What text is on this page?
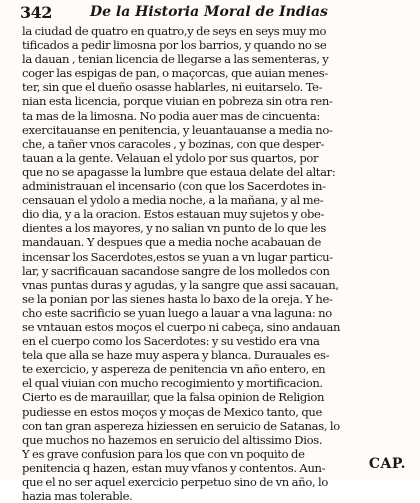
342	De la Historia Moral de Indias
la ciudad de quatro en quatro,y de seys en seys muy mo
tificados a pedir limosna por los barrios, y quando no se
la dauan , tenian licencia de llegarse a las sementeras, y
coger las espigas de pan, o maçorcas, que auian menes-
ter, sin que el dueño osasse hablarles, ni euitarselo. Te-
nian esta licencia, porque viuian en pobreza sin otra ren-
ta mas de la limosna. No podia auer mas de cincuenta:
exercitauanse en penitencia, y leuantauanse a media no-
che, a tañer vnos caracoles , y bozinas, con que desper-
tauan a la gente. Velauan el ydolo por sus quartos, por
que no se apagasse la lumbre que estaua delate del altar:
administrauan el incensario (con que los Sacerdotes in-
censauan el ydolo a media noche, a la mañana, y al me-
dio dia, y a la oracion. Estos estauan muy sujetos y obe-
dientes a los mayores, y no salian vn punto de lo que les
mandauan. Y despues que a media noche acabauan de
incensar los Sacerdotes,estos se yuan a vn lugar particu-
lar, y sacrificauan sacandose sangre de los molledos con
vnas puntas duras y agudas, y la sangre que assi sacauan,
se la ponian por las sienes hasta lo baxo de la oreja. Y he-
cho este sacrificio se yuan luego a lauar a vna laguna: no
se vntauan estos moços el cuerpo ni cabeça, sino andauan
en el cuerpo como los Sacerdotes: y su vestido era vna
tela que alla se haze muy aspera y blanca. Durauales es-
te exercicio, y aspereza de penitencia vn año entero, en
el qual viuian con mucho recogimiento y mortificacion.
Cierto es de marauillar, que la falsa opinion de Religion
pudiesse en estos moços y moças de Mexico tanto, que
con tan gran aspereza hiziessen en seruicio de Satanas, lo
que muchos no hazemos en seruicio del altissimo Dios.
Y es grave confusion para los que con vn poquito de
penitencia q hazen, estan muy vfanos y contentos. Aun-
que el no ser aquel exercicio perpetuo sino de vn año, lo
hazia mas tolerable.
CAP.
